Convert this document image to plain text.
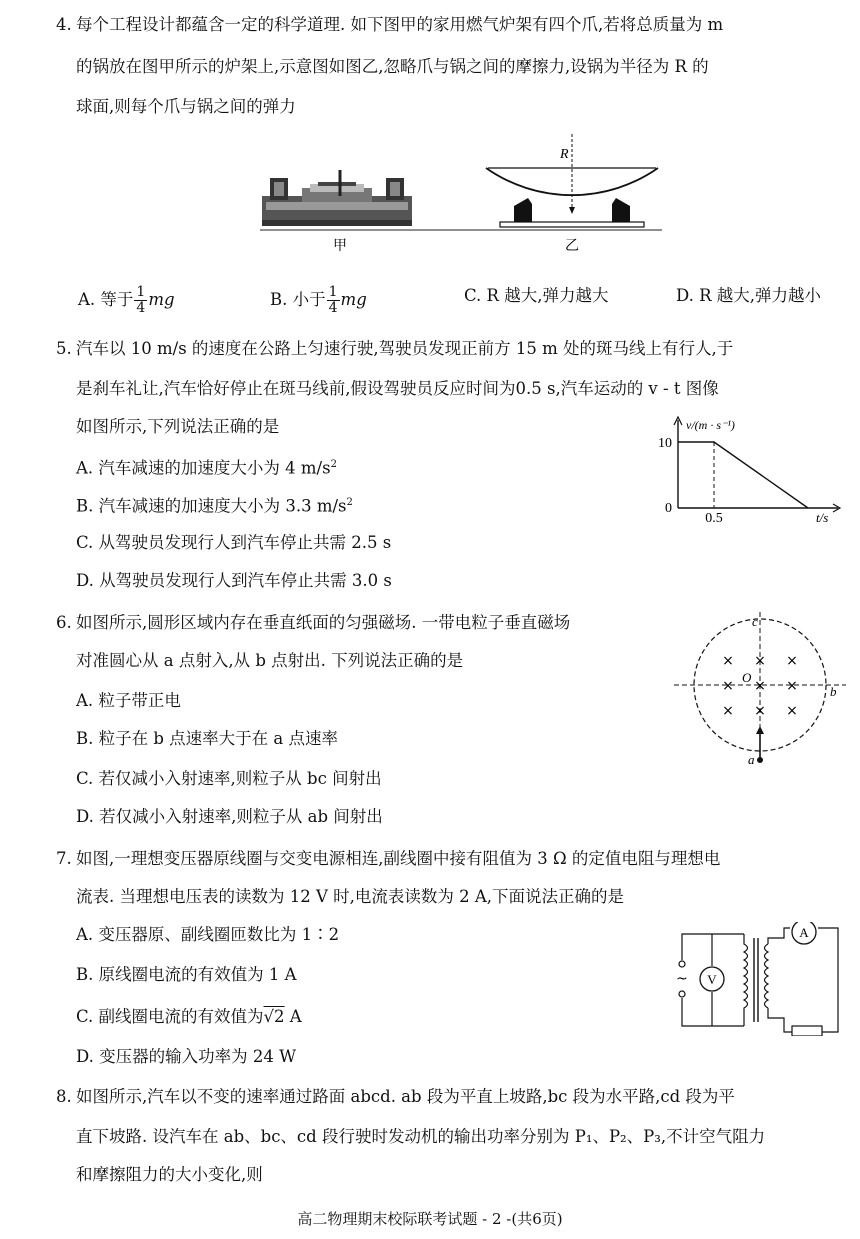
4. 每个工程设计都蕴含一定的科学道理. 如下图甲的家用燃气炉架有四个爪,若将总质量为 m
的锅放在图甲所示的炉架上,示意图如图乙,忽略爪与锅之间的摩擦力,设锅为半径为 R 的
球面,则每个爪与锅之间的弹力
R
甲	乙
A. 等于 $\frac{1}{4}$ mg	B. 小于 $\frac{1}{4}$ mg	C. R 越大,弹力越大	D. R 越大,弹力越小
5. 汽车以 10 m/s 的速度在公路上匀速行驶,驾驶员发现正前方 15 m 处的斑马线上有行人,于
是刹车礼让,汽车恰好停止在斑马线前,假设驾驶员反应时间为0.5 s,汽车运动的 v - t 图像
如图所示,下列说法正确的是
A. 汽车减速的加速度大小为 4 $m/s^2$
B. 汽车减速的加速度大小为 3.3 $m/s^2$
C. 从驾驶员发现行人到汽车停止共需 2.5 s
D. 从驾驶员发现行人到汽车停止共需 3.0 s
v/(m · s⁻¹)
10
0
0.5	t/s
6. 如图所示,圆形区域内存在垂直纸面的匀强磁场. 一带电粒子垂直磁场
对准圆心从 a 点射入,从 b 点射出. 下列说法正确的是
A. 粒子带正电
B. 粒子在 b 点速率大于在 a 点速率
C. 若仅减小入射速率,则粒子从 bc 间射出
D. 若仅减小入射速率,则粒子从 ab 间射出
× × ×
× × ×
× × ×
c
O
b
a
7. 如图,一理想变压器原线圈与交变电源相连,副线圈中接有阻值为 3 Ω 的定值电阻与理想电
流表. 当理想电压表的读数为 12 V 时,电流表读数为 2 A,下面说法正确的是
A. 变压器原、副线圈匝数比为 1∶2
B. 原线圈电流的有效值为 1 A
C. 副线圈电流的有效值为√2 A
D. 变压器的输入功率为 24 W
~ V
A
8. 如图所示,汽车以不变的速率通过路面 abcd. ab 段为平直上坡路,bc 段为水平路,cd 段为平
直下坡路. 设汽车在 ab、bc、cd 段行驶时发动机的输出功率分别为 P₁、P₂、P₃,不计空气阻力
和摩擦阻力的大小变化,则
高二物理期末校际联考试题 - 2 -(共6页)
